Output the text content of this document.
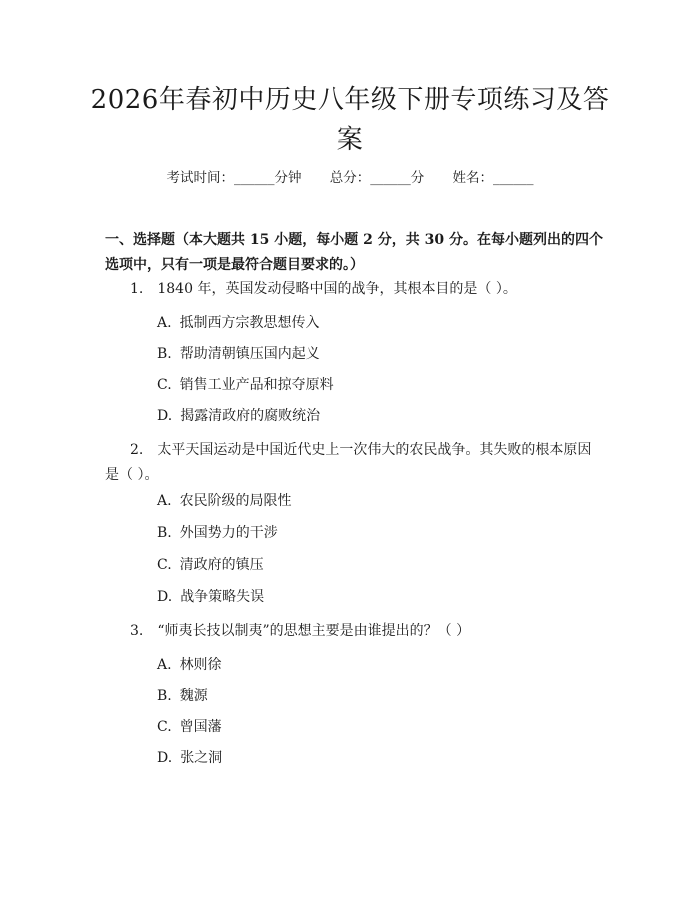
2026年春初中历史八年级下册专项练习及答案
考试时间：______分钟 总分：______分 姓名：______

一、选择题（本大题共 15 小题，每小题 2 分，共 30 分。在每小题列出的四个选项中，只有一项是最符合题目要求的。）

1. 1840 年，英国发动侵略中国的战争，其根本目的是（ ）。

A. 抵制西方宗教思想传入

B. 帮助清朝镇压国内起义

C. 销售工业产品和掠夺原料

D. 揭露清政府的腐败统治

2. 太平天国运动是中国近代史上一次伟大的农民战争。其失败的根本原因是（ ）。

A. 农民阶级的局限性

B. 外国势力的干涉

C. 清政府的镇压

D. 战争策略失误

3. “师夷长技以制夷”的思想主要是由谁提出的？（ ）

A. 林则徐

B. 魏源

C. 曾国藩

D. 张之洞
